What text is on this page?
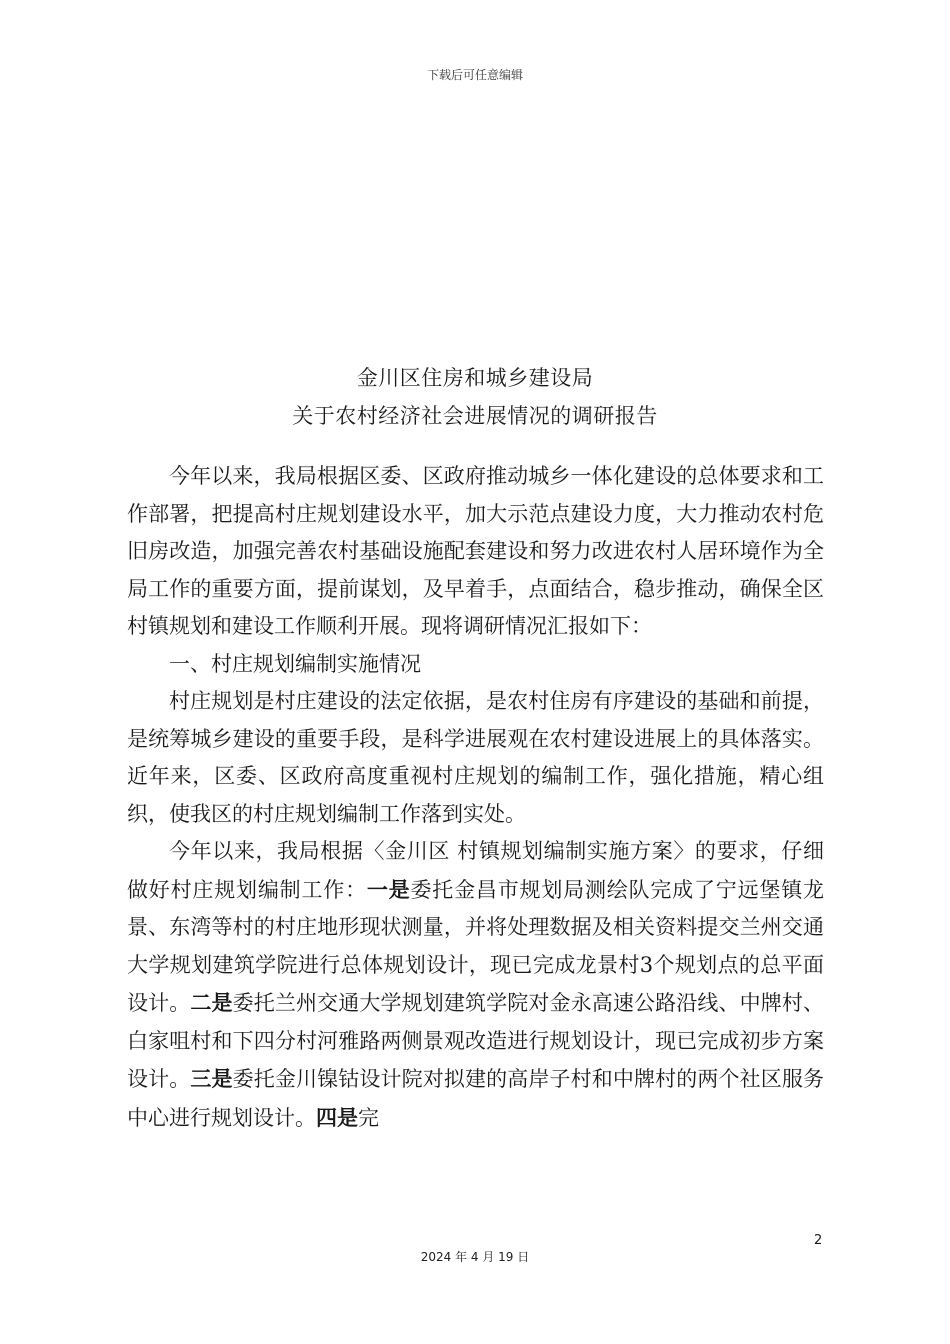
下载后可任意编辑
金川区住房和城乡建设局
关于农村经济社会进展情况的调研报告

今年以来，我局根据区委、区政府推动城乡一体化建设的总体要求和工作部署，把提高村庄规划建设水平，加大示范点建设力度，大力推动农村危旧房改造，加强完善农村基础设施配套建设和努力改进农村人居环境作为全局工作的重要方面，提前谋划，及早着手，点面结合，稳步推动，确保全区村镇规划和建设工作顺利开展。现将调研情况汇报如下：

一、村庄规划编制实施情况

村庄规划是村庄建设的法定依据，是农村住房有序建设的基础和前提，是统筹城乡建设的重要手段，是科学进展观在农村建设进展上的具体落实。近年来，区委、区政府高度重视村庄规划的编制工作，强化措施，精心组织，使我区的村庄规划编制工作落到实处。

今年以来，我局根据〈金川区 村镇规划编制实施方案〉的要求，仔细做好村庄规划编制工作：一是委托金昌市规划局测绘队完成了宁远堡镇龙景、东湾等村的村庄地形现状测量，并将处理数据及相关资料提交兰州交通大学规划建筑学院进行总体规划设计，现已完成龙景村3个规划点的总平面设计。二是委托兰州交通大学规划建筑学院对金永高速公路沿线、中牌村、白家咀村和下四分村河雅路两侧景观改造进行规划设计，现已完成初步方案设计。三是委托金川镍钴设计院对拟建的高岸子村和中牌村的两个社区服务中心进行规划设计。四是完

2
2024 年 4 月 19 日
